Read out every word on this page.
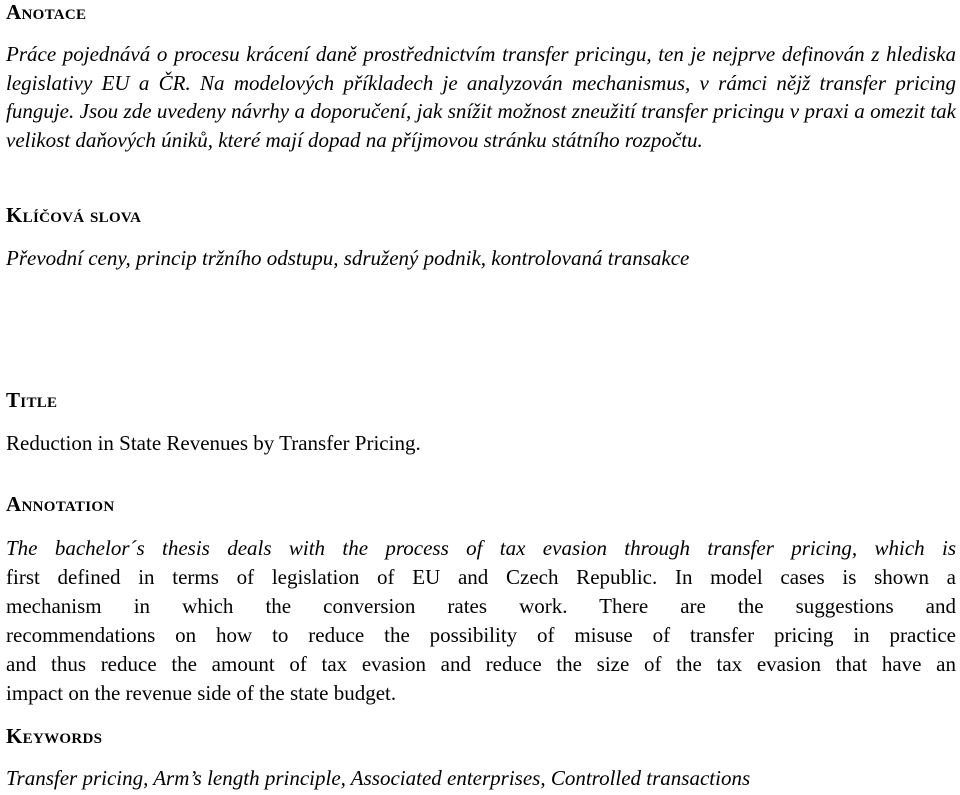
Anotace
Práce pojednává o procesu krácení daně prostřednictvím transfer pricingu, ten je nejprve definován z hlediska legislativy EU a ČR. Na modelových příkladech je analyzován mechanismus, v rámci nějž transfer pricing funguje. Jsou zde uvedeny návrhy a doporučení, jak snížit možnost zneužití transfer pricingu v praxi a omezit tak velikost daňových úniků, které mají dopad na příjmovou stránku státního rozpočtu.
Klíčová slova
Převodní ceny, princip tržního odstupu, sdružený podnik, kontrolovaná transakce
Title
Reduction in State Revenues by Transfer Pricing.
Annotation
The bachelor´s thesis deals with the process of tax evasion through transfer pricing, which is
first defined in terms of legislation of EU and Czech Republic. In model cases is shown a
mechanism in which the conversion rates work. There are the suggestions and
recommendations on how to reduce the possibility of misuse of transfer pricing in practice
and thus reduce the amount of tax evasion and reduce the size of the tax evasion that have an
impact on the revenue side of the state budget.
Keywords
Transfer pricing, Arm’s length principle, Associated enterprises, Controlled transactions
